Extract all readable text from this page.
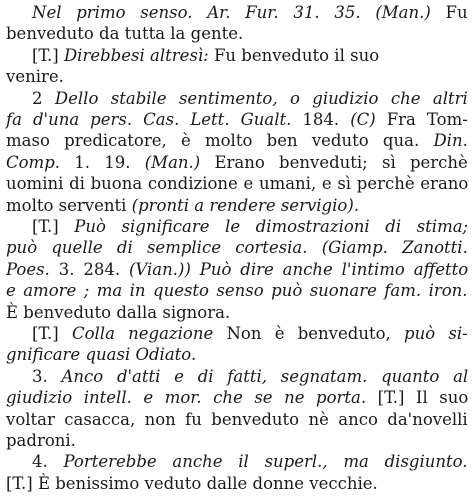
Nel primo senso. Ar. Fur. 31. 35. (Man.) Fu
benveduto da tutta la gente.
[T.] Direbbesi altresì: Fu benveduto il suo
venire.
2 Dello stabile sentimento, o giudizio che altri
fa d'una pers. Cas. Lett. Gualt. 184. (C) Fra Tom-
maso predicatore, è molto ben veduto qua. Din.
Comp. 1. 19. (Man.) Erano benveduti; sì perchè
uomini di buona condizione e umani, e sì perchè erano
molto serventi (pronti a rendere servigio).
[T.] Può significare le dimostrazioni di stima;
può quelle di semplice cortesia. (Giamp. Zanotti.
Poes. 3. 284. (Vian.)) Può dire anche l'intimo affetto
e amore ; ma in questo senso può suonare fam. iron.
È benveduto dalla signora.
[T.] Colla negazione Non è benveduto, può si-
gnificare quasi Odiato.
3. Anco d'atti e di fatti, segnatam. quanto al
giudizio intell. e mor. che se ne porta. [T.] Il suo
voltar casacca, non fu benveduto nè anco da'novelli
padroni.
4. Porterebbe anche il superl., ma disgiunto.
[T.] È benissimo veduto dalle donne vecchie.
